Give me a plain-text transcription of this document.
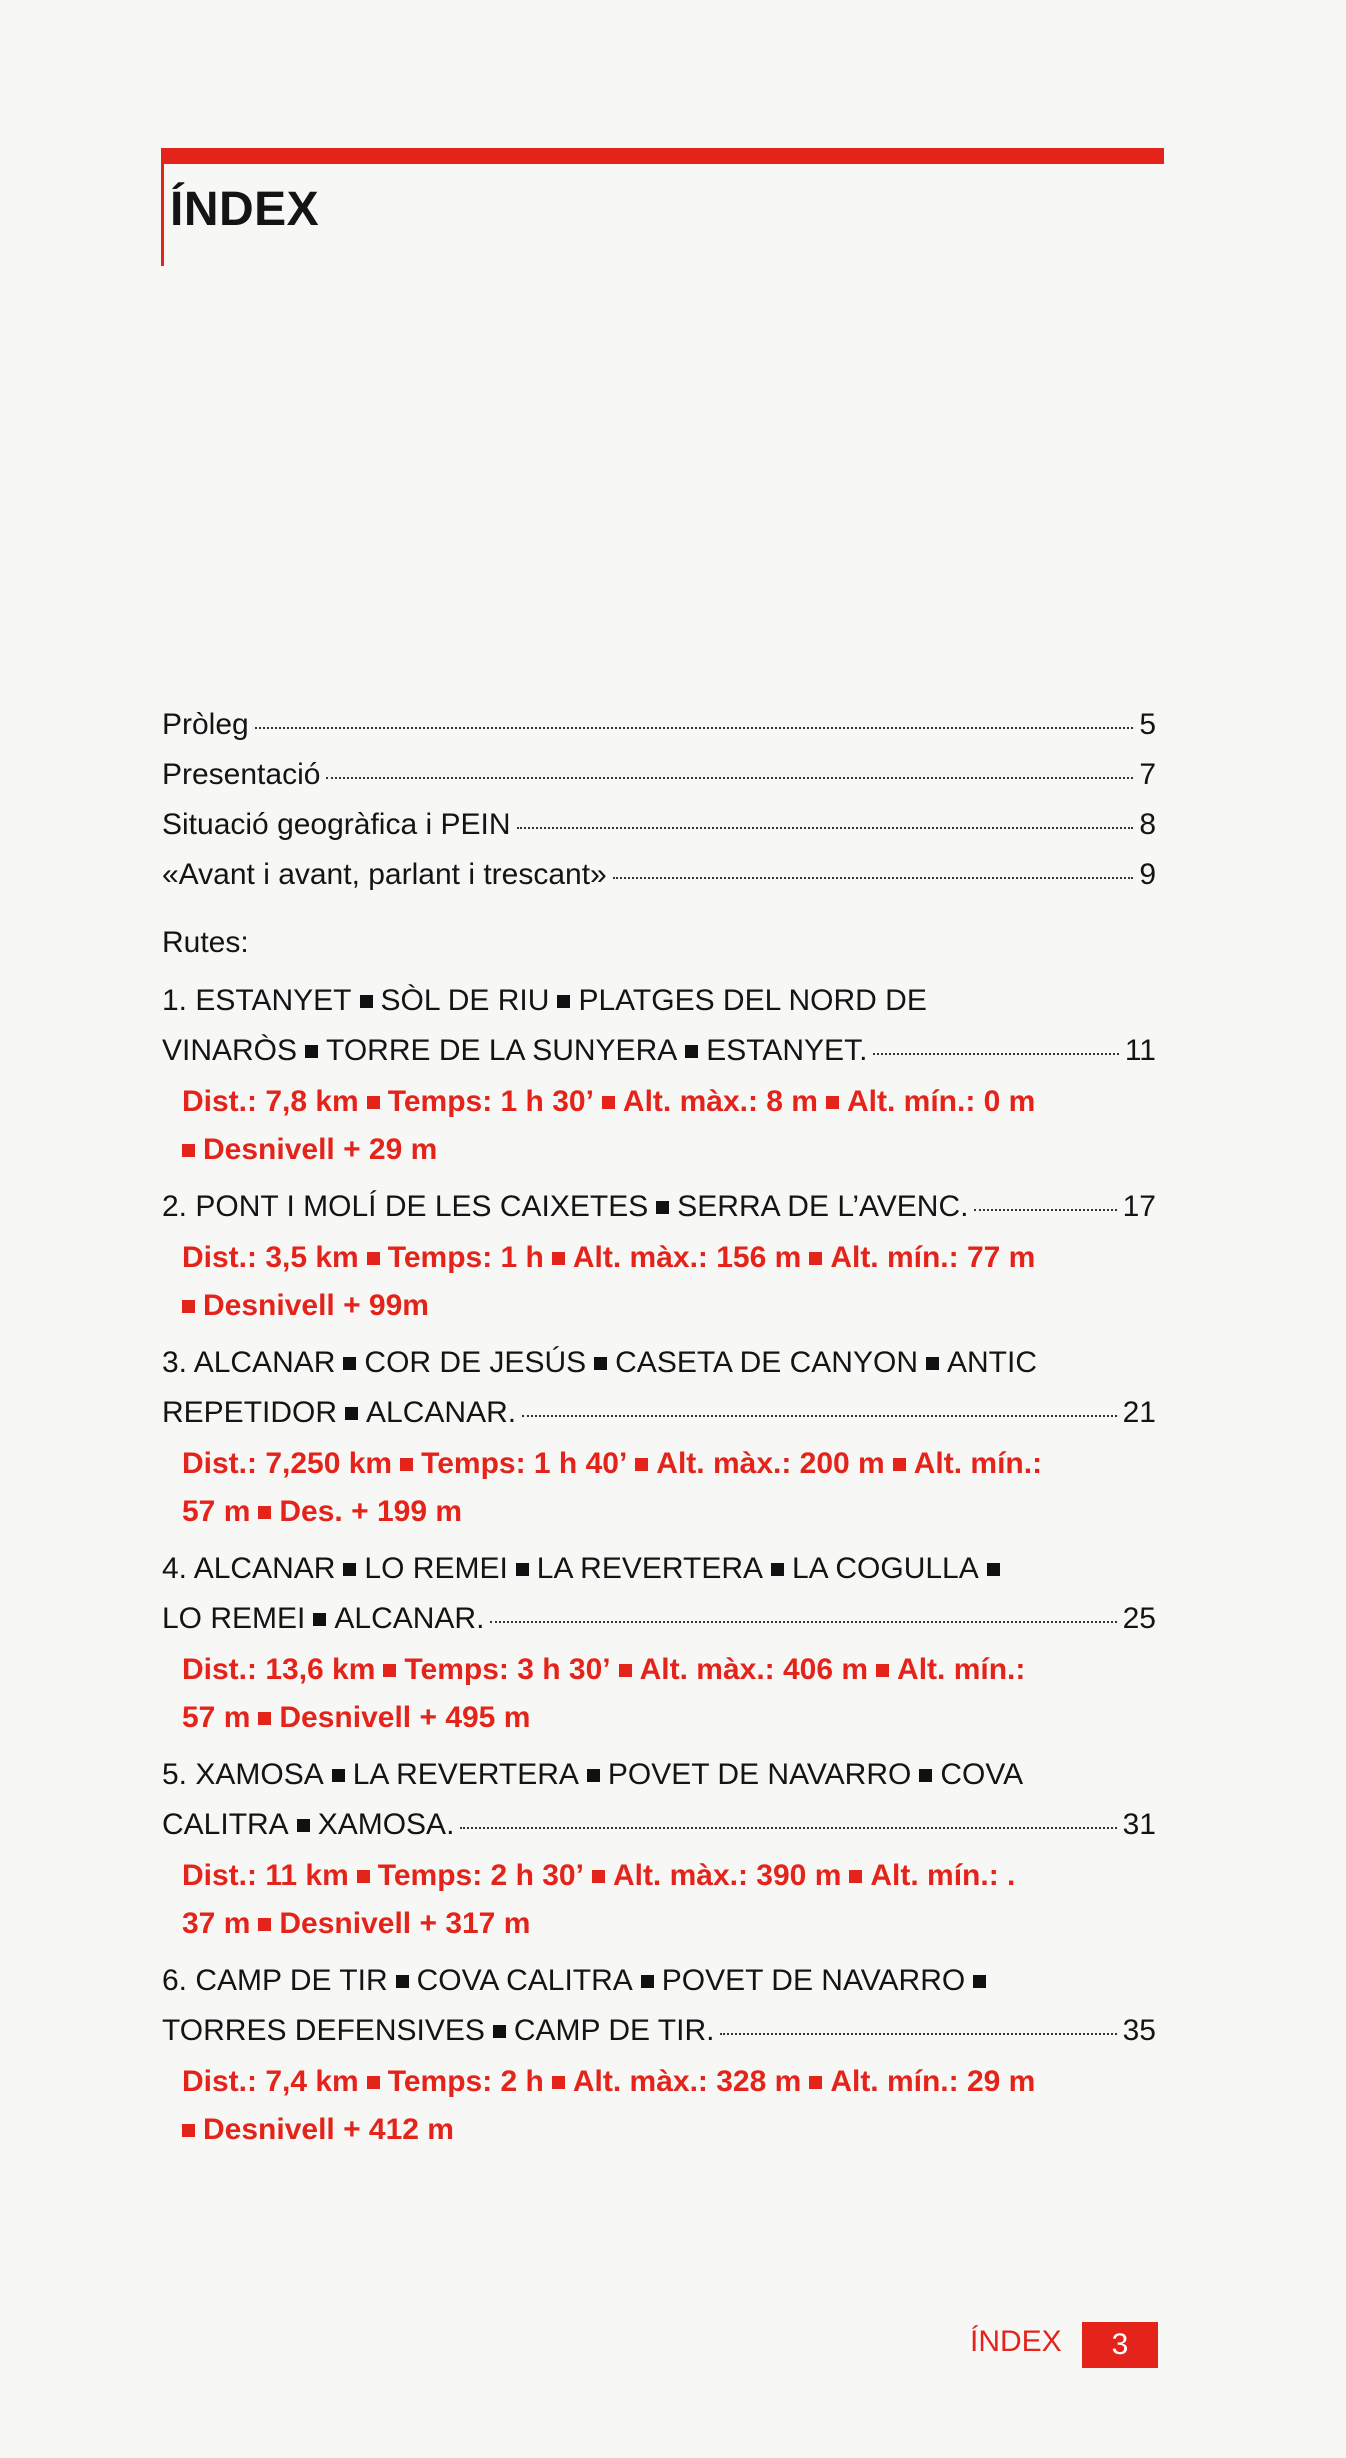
ÍNDEX
Pròleg	5
Presentació	7
Situació geogràfica i PEIN	8
«Avant i avant, parlant i trescant»	9
Rutes:
1. ESTANYET SÒL DE RIU PLATGES DEL NORD DE
VINARÒS TORRE DE LA SUNYERA ESTANYET.	11
Dist.: 7,8 km Temps: 1 h 30’ Alt. màx.: 8 m Alt. mín.: 0 m
Desnivell + 29 m
2. PONT I MOLÍ DE LES CAIXETES SERRA DE L’AVENC.	17
Dist.: 3,5 km Temps: 1 h Alt. màx.: 156 m Alt. mín.: 77 m
Desnivell + 99m
3. ALCANAR COR DE JESÚS CASETA DE CANYON ANTIC
REPETIDOR ALCANAR.	21
Dist.: 7,250 km Temps: 1 h 40’ Alt. màx.: 200 m Alt. mín.:
57 m Des. + 199 m
4. ALCANAR LO REMEI LA REVERTERA LA COGULLA
LO REMEI ALCANAR.	25
Dist.: 13,6 km Temps: 3 h 30’ Alt. màx.: 406 m Alt. mín.:
57 m Desnivell + 495 m
5. XAMOSA LA REVERTERA POVET DE NAVARRO COVA
CALITRA XAMOSA.	31
Dist.: 11 km Temps: 2 h 30’ Alt. màx.: 390 m Alt. mín.: .
37 m Desnivell + 317 m
6. CAMP DE TIR COVA CALITRA POVET DE NAVARRO
TORRES DEFENSIVES CAMP DE TIR.	35
Dist.: 7,4 km Temps: 2 h Alt. màx.: 328 m Alt. mín.: 29 m
Desnivell + 412 m
ÍNDEX	3
